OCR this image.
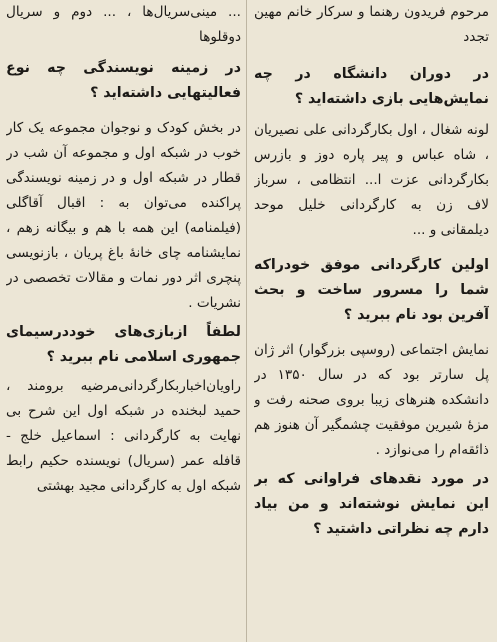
مرحوم فریدون رهنما و سرکار خانم مهین تجدد

در دوران دانشگاه در چه نمایش‌هایی بازی داشته‌اید ؟

لونه شغال ، اول بکارگردانی علی نصیریان ، شاه عباس و پیر پاره دوز و بازرس بکارگردانی عزت ا... انتظامی ، سرباز لاف زن به کارگردانی خلیل موحد دیلمقانی و ...

اولین کارگردانی موفق خودراکه شما را مسرور ساخت و بحث آفرین بود نام ببرید ؟

نمایش اجتماعی (روسپی بزرگوار) اثر ژان پل سارتر بود که در سال ۱۳۵۰ در دانشکده هنرهای زیبا بروی صحنه رفت و مزهٔ شیرین موفقیت چشمگیر آن هنوز هم ذائقه‌ام را می‌نوازد .

در مورد نقدهای فراوانی که بر این نمایش نوشته‌اند و من بیاد دارم چه نظراتی داشتید ؟

... مینی‌سریال‌ها ، ... دوم و سریال دوقلوها

در زمینه نویسندگی چه نوع فعالیتهایی داشته‌اید ؟

در بخش کودک و نوجوان مجموعه یک کار خوب در شبکه اول و مجموعه آن شب در قطار در شبکه اول و در زمینه نویسندگی پراکنده می‌توان به : اقبال آقاگلی (فیلمنامه) این همه با هم و بیگانه زهم ، نمایشنامه چای خانهٔ باغ پریان ، بازنویسی پنچری اثر دور نمات و مقالات تخصصی در نشریات .

لطفاً ازبازی‌های خوددرسیمای جمهوری اسلامی نام ببرید ؟

راویان‌اخباربکارگردانی‌مرضیه برومند ، حمید لبخنده در شبکه اول این شرح بی نهایت به کارگردانی : اسماعیل خلج - قافله عمر (سریال) نویسنده حکیم رابط شبکه اول به کارگردانی مجید بهشتی
